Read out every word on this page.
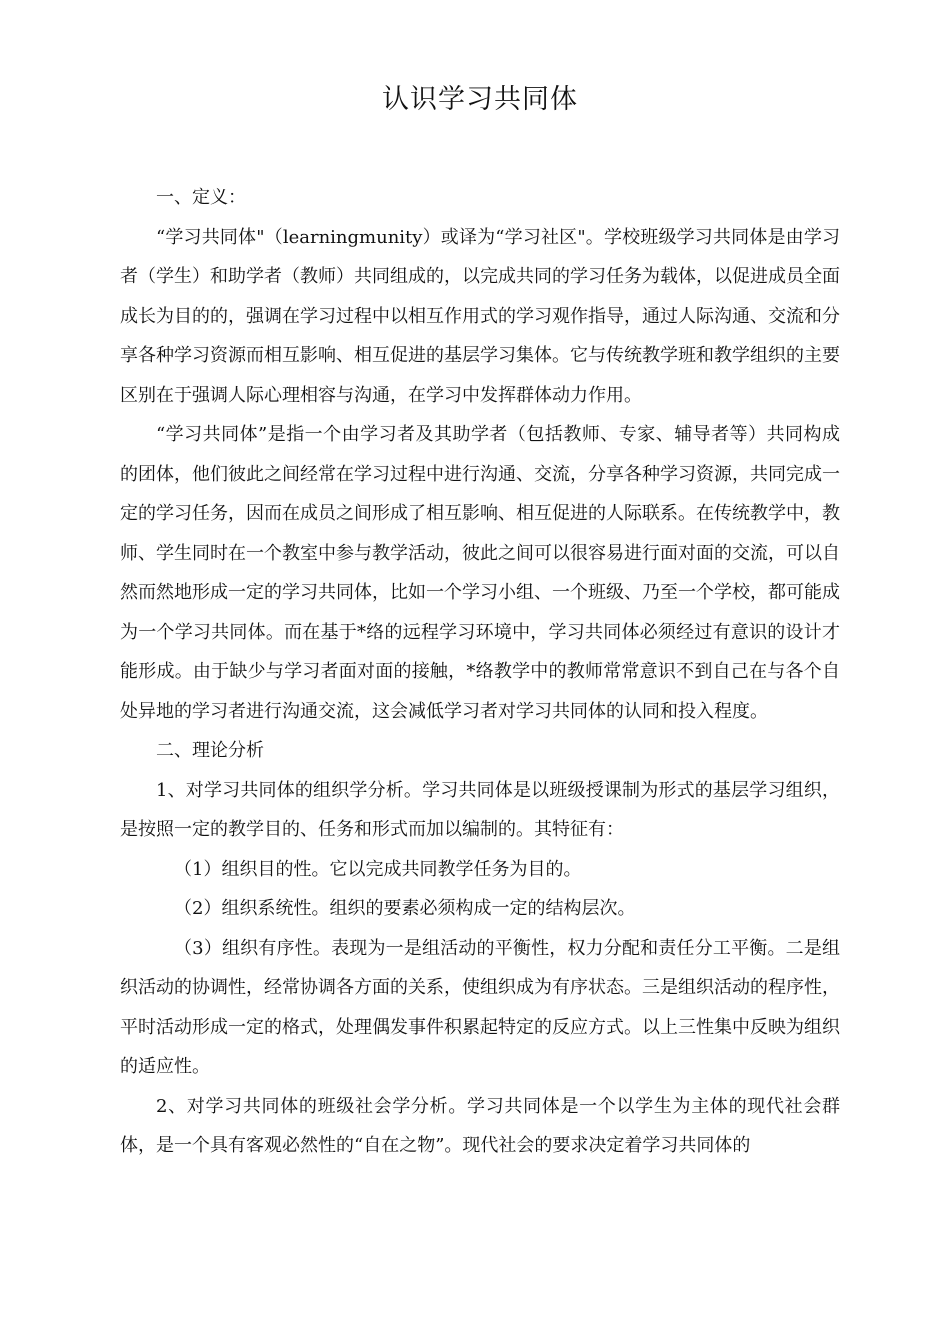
认识学习共同体

一、定义：

“学习共同体"（learningmunity）或译为“学习社区"。学校班级学习共同体是由学习者（学生）和助学者（教师）共同组成的，以完成共同的学习任务为载体，以促进成员全面成长为目的的，强调在学习过程中以相互作用式的学习观作指导，通过人际沟通、交流和分享各种学习资源而相互影响、相互促进的基层学习集体。它与传统教学班和教学组织的主要区别在于强调人际心理相容与沟通，在学习中发挥群体动力作用。

“学习共同体”是指一个由学习者及其助学者（包括教师、专家、辅导者等）共同构成的团体，他们彼此之间经常在学习过程中进行沟通、交流，分享各种学习资源，共同完成一定的学习任务，因而在成员之间形成了相互影响、相互促进的人际联系。在传统教学中，教师、学生同时在一个教室中参与教学活动，彼此之间可以很容易进行面对面的交流，可以自然而然地形成一定的学习共同体，比如一个学习小组、一个班级、乃至一个学校，都可能成为一个学习共同体。而在基于*络的远程学习环境中，学习共同体必须经过有意识的设计才能形成。由于缺少与学习者面对面的接触，*络教学中的教师常常意识不到自己在与各个自处异地的学习者进行沟通交流，这会减低学习者对学习共同体的认同和投入程度。

二、理论分析

1、对学习共同体的组织学分析。学习共同体是以班级授课制为形式的基层学习组织，是按照一定的教学目的、任务和形式而加以编制的。其特征有：

（1）组织目的性。它以完成共同教学任务为目的。

（2）组织系统性。组织的要素必须构成一定的结构层次。

（3）组织有序性。表现为一是组活动的平衡性，权力分配和责任分工平衡。二是组织活动的协调性，经常协调各方面的关系，使组织成为有序状态。三是组织活动的程序性，平时活动形成一定的格式，处理偶发事件积累起特定的反应方式。以上三性集中反映为组织的适应性。

2、对学习共同体的班级社会学分析。学习共同体是一个以学生为主体的现代社会群体，是一个具有客观必然性的“自在之物”。现代社会的要求决定着学习共同体的
